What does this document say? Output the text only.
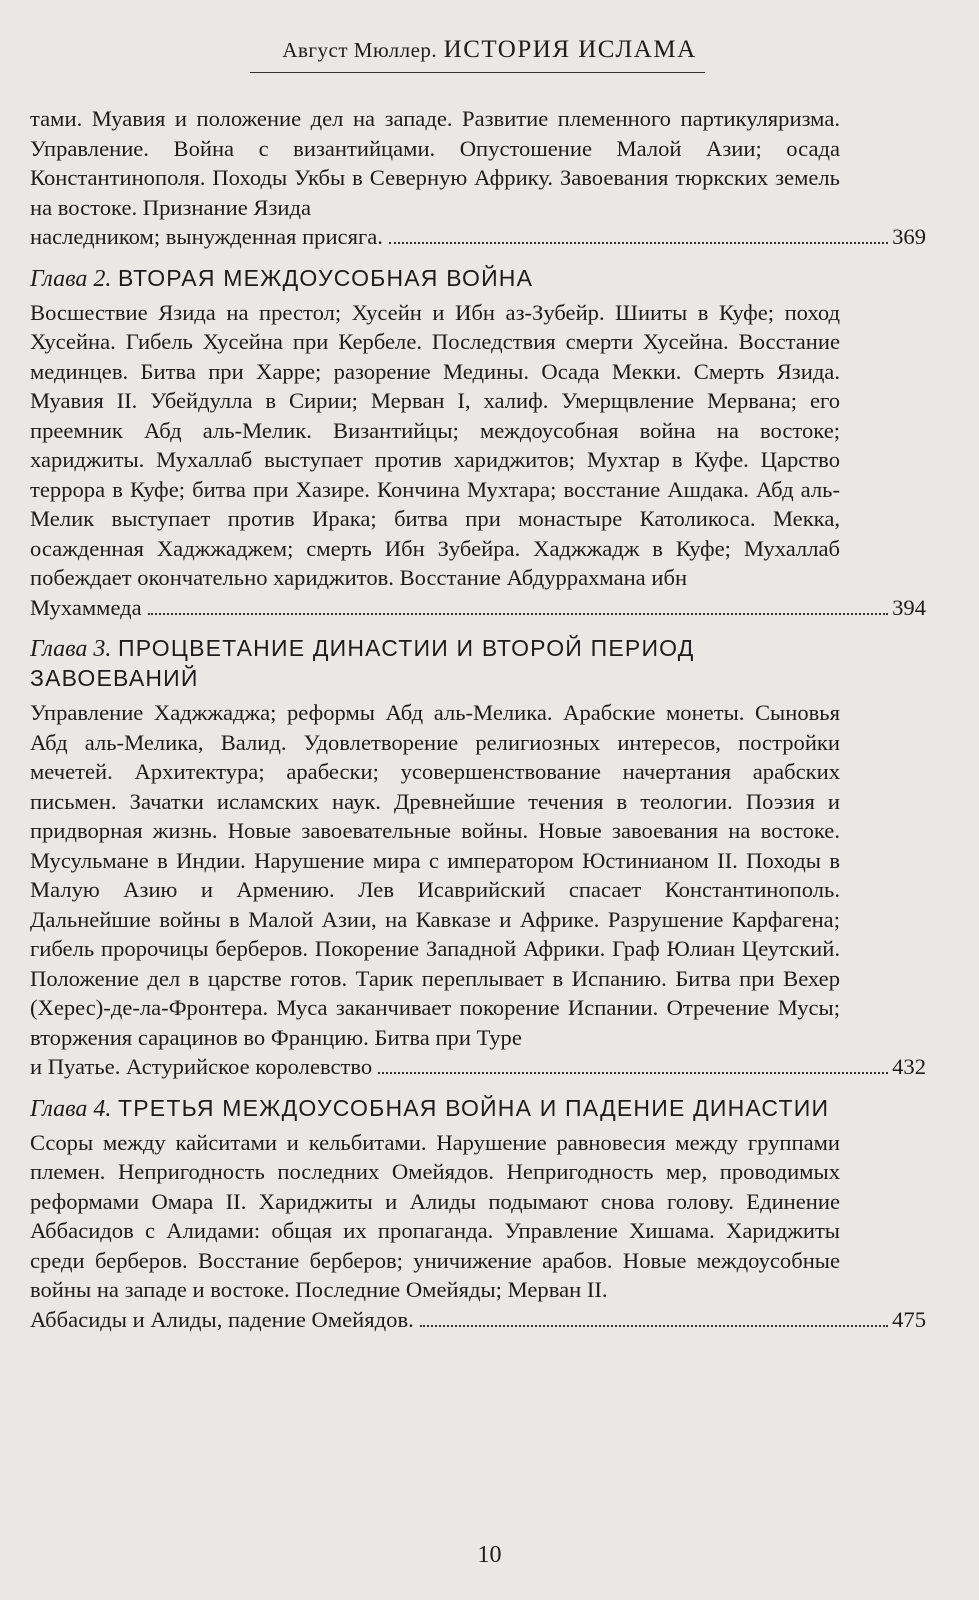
Август Мюллер. ИСТОРИЯ ИСЛАМА
тами. Муавия и положение дел на западе. Развитие племенного партикуляризма. Управление. Война с византийцами. Опустошение Малой Азии; осада Константинополя. Походы Укбы в Северную Африку. Завоевания тюркских земель на востоке. Признание Язида
наследником; вынужденная присяга.	369
Глава 2. ВТОРАЯ МЕЖДОУСОБНАЯ ВОЙНА
Восшествие Язида на престол; Хусейн и Ибн аз-Зубейр. Шииты в Куфе; поход Хусейна. Гибель Хусейна при Кербеле. Последствия смерти Хусейна. Восстание мединцев. Битва при Харре; разорение Медины. Осада Мекки. Смерть Язида. Муавия II. Убейдулла в Сирии; Мерван I, халиф. Умерщвление Мервана; его преемник Абд аль-Мелик. Византийцы; междоусобная война на востоке; хариджиты. Мухаллаб выступает против хариджитов; Мухтар в Куфе. Царство террора в Куфе; битва при Хазире. Кончина Мухтара; восстание Ашдака. Абд аль-Мелик выступает против Ирака; битва при монастыре Католикоса. Мекка, осажденная Хаджжаджем; смерть Ибн Зубейра. Хаджжадж в Куфе; Мухаллаб побеждает окончательно хариджитов. Восстание Абдуррахмана ибн
Мухаммеда	394
Глава 3. ПРОЦВЕТАНИЕ ДИНАСТИИ И ВТОРОЙ ПЕРИОД ЗАВОЕВАНИЙ
Управление Хаджжаджа; реформы Абд аль-Мелика. Арабские монеты. Сыновья Абд аль-Мелика, Валид. Удовлетворение религиозных интересов, постройки мечетей. Архитектура; арабески; усовершенствование начертания арабских письмен. Зачатки исламских наук. Древнейшие течения в теологии. Поэзия и придворная жизнь. Новые завоевательные войны. Новые завоевания на востоке. Мусульмане в Индии. Нарушение мира с императором Юстинианом II. Походы в Малую Азию и Армению. Лев Исаврийский спасает Константинополь. Дальнейшие войны в Малой Азии, на Кавказе и Африке. Разрушение Карфагена; гибель пророчицы берберов. Покорение Западной Африки. Граф Юлиан Цеутский. Положение дел в царстве готов. Тарик переплывает в Испанию. Битва при Вехер (Херес)-де-ла-Фронтера. Муса заканчивает покорение Испании. Отречение Мусы; вторжения сарацинов во Францию. Битва при Туре
и Пуатье. Астурийское королевство	432
Глава 4. ТРЕТЬЯ МЕЖДОУСОБНАЯ ВОЙНА И ПАДЕНИЕ ДИНАСТИИ
Ссоры между кайситами и кельбитами. Нарушение равновесия между группами племен. Непригодность последних Омейядов. Непригодность мер, проводимых реформами Омара II. Хариджиты и Алиды подымают снова голову. Единение Аббасидов с Алидами: общая их пропаганда. Управление Хишама. Хариджиты среди берберов. Восстание берберов; уничижение арабов. Новые междоусобные войны на западе и востоке. Последние Омейяды; Мерван II.
Аббасиды и Алиды, падение Омейядов.	475
10
